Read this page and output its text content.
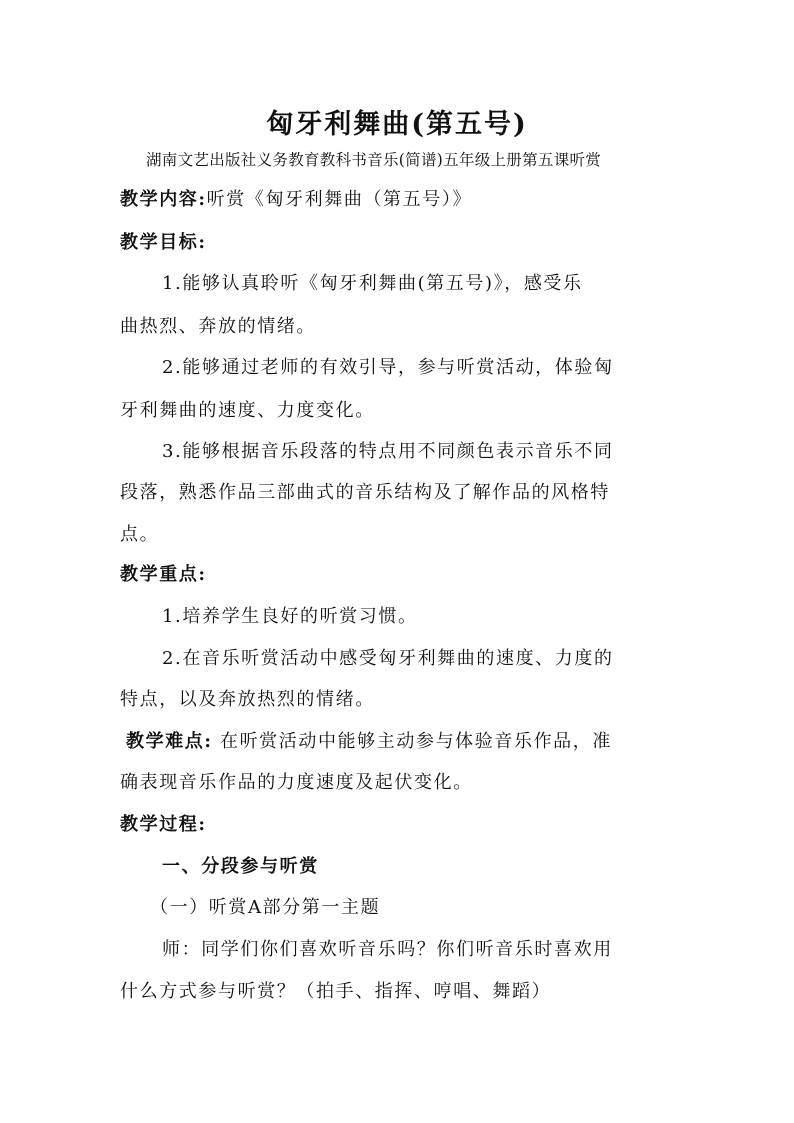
匈牙利舞曲(第五号)
湖南文艺出版社义务教育教科书音乐(简谱)五年级上册第五课听赏
教学内容:听赏《匈牙利舞曲（第五号）》
教学目标:
1.能够认真聆听《匈牙利舞曲(第五号)》，感受乐
曲热烈、奔放的情绪。
2.能够通过老师的有效引导，参与听赏活动，体验匈
牙利舞曲的速度、力度变化。
3.能够根据音乐段落的特点用不同颜色表示音乐不同
段落，熟悉作品三部曲式的音乐结构及了解作品的风格特
点。
教学重点:
1.培养学生良好的听赏习惯。
2.在音乐听赏活动中感受匈牙利舞曲的速度、力度的
特点，以及奔放热烈的情绪。
教学难点: 在听赏活动中能够主动参与体验音乐作品，准
确表现音乐作品的力度速度及起伏变化。
教学过程:
一、分段参与听赏
（一）听赏A部分第一主题
师：同学们你们喜欢听音乐吗？你们听音乐时喜欢用
什么方式参与听赏？（拍手、指挥、哼唱、舞蹈）
